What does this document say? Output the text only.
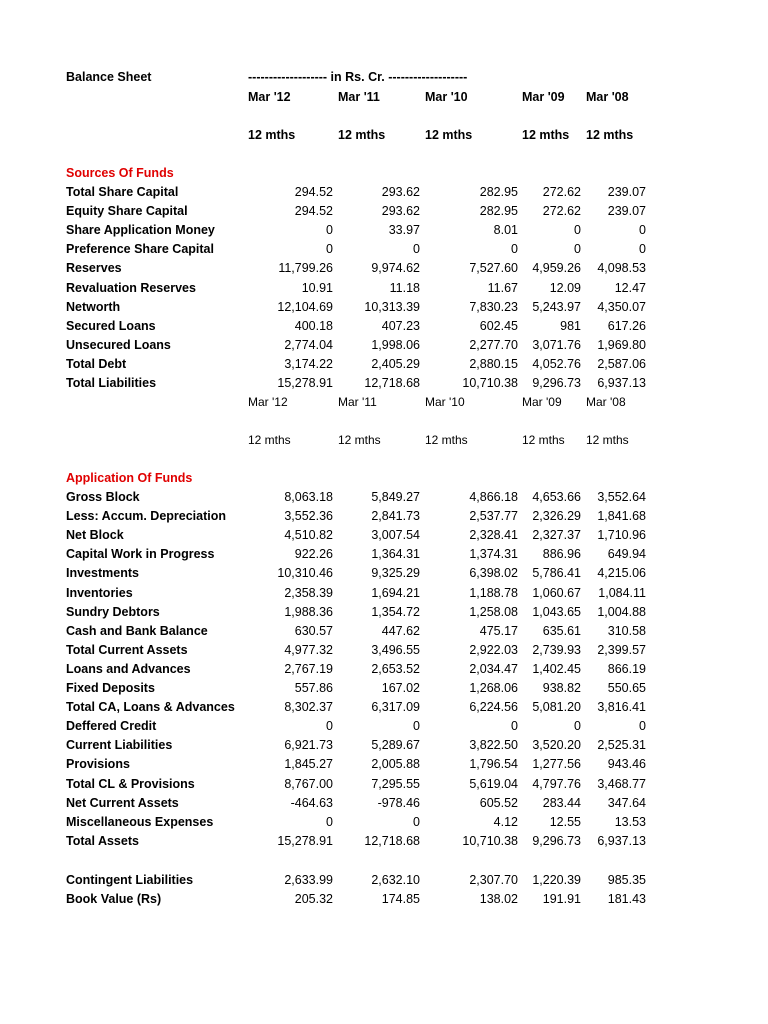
Balance Sheet	------------------- in Rs. Cr. -------------------
Mar '12	Mar '11	Mar '10	Mar '09 Mar '08
12 mths	12 mths	12 mths	12 mths 12 mths
Sources Of Funds
Total Share Capital	294.52	293.62	282.95 272.62 239.07
Equity Share Capital	294.52	293.62	282.95 272.62 239.07
Share Application Money	0	33.97	8.01	0	0
Preference Share Capital	0	0	0	0	0
Reserves	11,799.26	9,974.62	7,527.60 4,959.26 4,098.53
Revaluation Reserves	10.91	11.18	11.67	12.09	12.47
Networth	12,104.69	10,313.39	7,830.23 5,243.97 4,350.07
Secured Loans	400.18	407.23	602.45	981 617.26
Unsecured Loans	2,774.04	1,998.06	2,277.70 3,071.76 1,969.80
Total Debt	3,174.22	2,405.29	2,880.15 4,052.76 2,587.06
Total Liabilities	15,278.91	12,718.68	10,710.38 9,296.73 6,937.13
Mar '12	Mar '11	Mar '10	Mar '09 Mar '08
12 mths	12 mths	12 mths	12 mths 12 mths
Application Of Funds
Gross Block	8,063.18	5,849.27	4,866.18 4,653.66 3,552.64
Less: Accum. Depreciation	3,552.36	2,841.73	2,537.77 2,326.29 1,841.68
Net Block	4,510.82	3,007.54	2,328.41 2,327.37 1,710.96
Capital Work in Progress	922.26	1,364.31	1,374.31 886.96 649.94
Investments	10,310.46	9,325.29	6,398.02 5,786.41 4,215.06
Inventories	2,358.39	1,694.21	1,188.78 1,060.67 1,084.11
Sundry Debtors	1,988.36	1,354.72	1,258.08 1,043.65 1,004.88
Cash and Bank Balance	630.57	447.62	475.17 635.61 310.58
Total Current Assets	4,977.32	3,496.55	2,922.03 2,739.93 2,399.57
Loans and Advances	2,767.19	2,653.52	2,034.47 1,402.45 866.19
Fixed Deposits	557.86	167.02	1,268.06 938.82 550.65
Total CA, Loans & Advances	8,302.37	6,317.09	6,224.56 5,081.20 3,816.41
Deffered Credit	0	0	0	0	0
Current Liabilities	6,921.73	5,289.67	3,822.50 3,520.20 2,525.31
Provisions	1,845.27	2,005.88	1,796.54 1,277.56 943.46
Total CL & Provisions	8,767.00	7,295.55	5,619.04 4,797.76 3,468.77
Net Current Assets	-464.63	-978.46	605.52 283.44 347.64
Miscellaneous Expenses	0	0	4.12	12.55	13.53
Total Assets	15,278.91	12,718.68	10,710.38 9,296.73 6,937.13
Contingent Liabilities	2,633.99	2,632.10	2,307.70 1,220.39 985.35
Book Value (Rs)	205.32	174.85	138.02 191.91 181.43
